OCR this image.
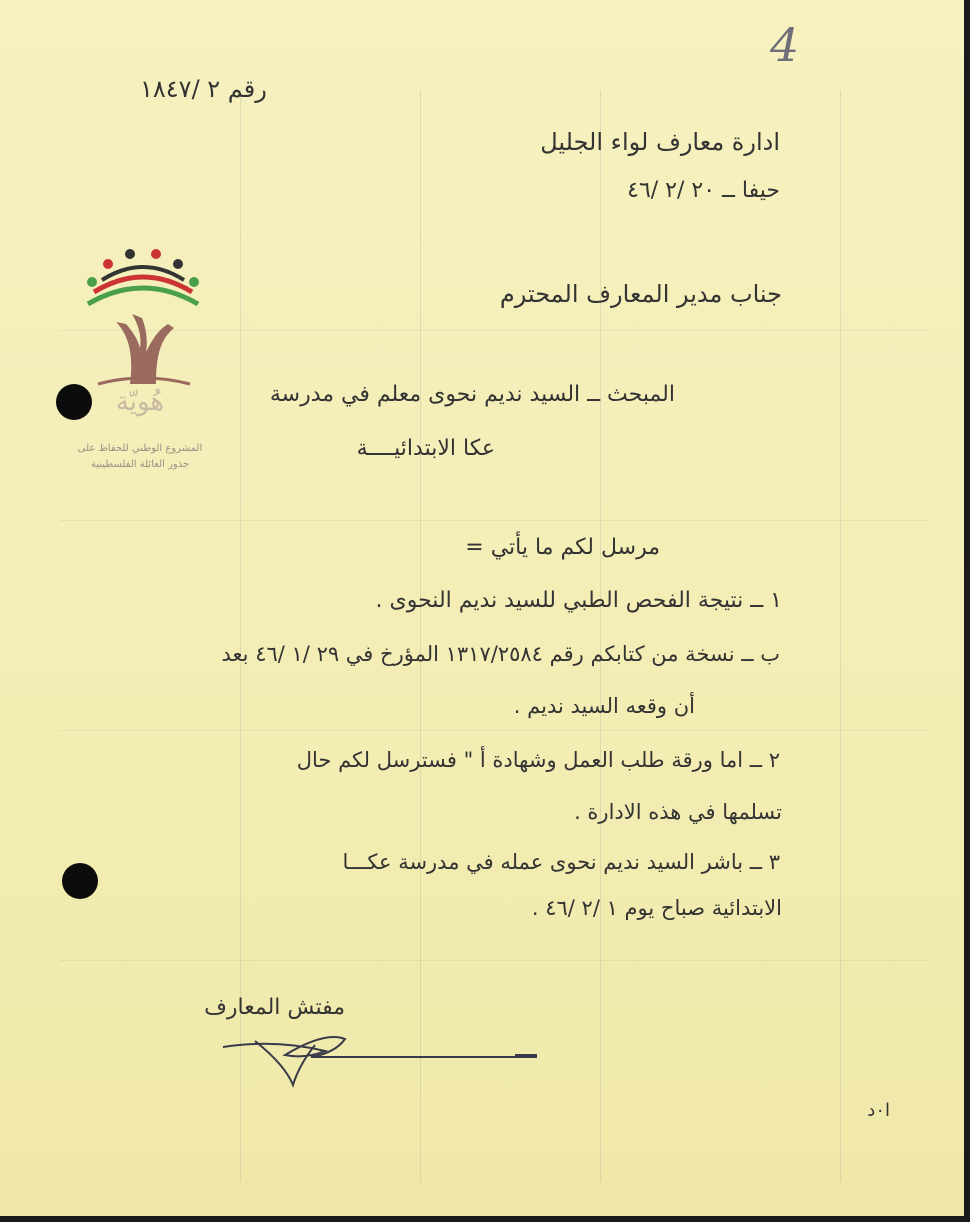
هُويّة
المشروع الوطني للحفاظ على
جذور العائلة الفلسطينية
4
رقم ٢ /١٨٤٧
ادارة معارف لواء الجليل
حيفا ــ ٢٠ /٢ /٤٦
جناب مدير المعارف المحترم
المبحث ــ السيد نديم نحوى معلم في مدرسة
عكا الابتدائيــــة
مرسل لكم ما يأتي =
١ ــ نتيجة الفحص الطبي للسيد نديم النحوى .
ب ــ نسخة من كتابكم رقم ١٣١٧/٢٥٨٤ المؤرخ في ٢٩ /١ /٤٦ بعد
أن وقعه السيد نديم .
٢ ــ اما ورقة طلب العمل وشهادة أ " فسترسل لكم حال
تسلمها في هذه الادارة .
٣ ــ باشر السيد نديم نحوى عمله في مدرسة عكـــا
الابتدائية صباح يوم ١ /٢ /٤٦ .
مفتش المعارف
ا٠د
